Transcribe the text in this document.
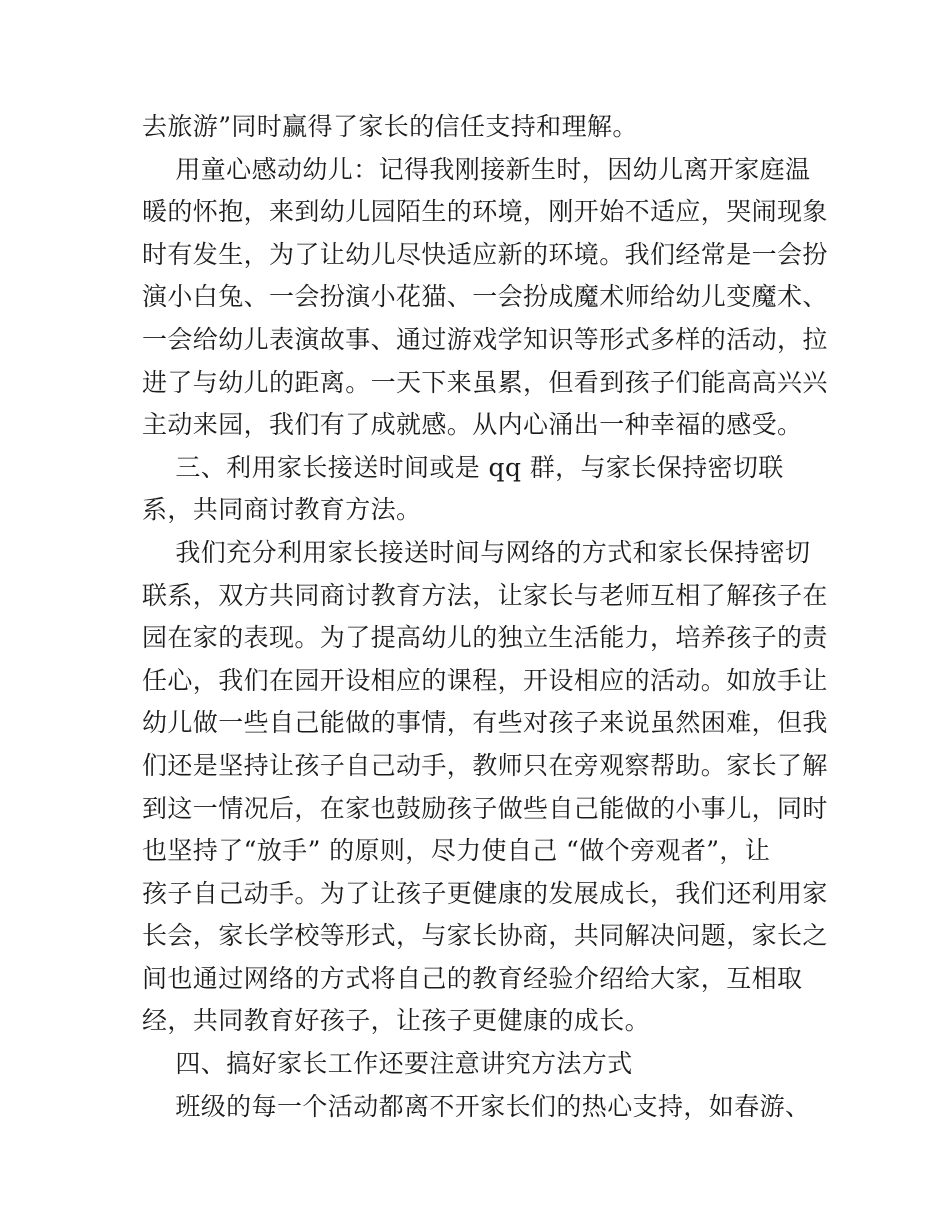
去旅游”同时赢得了家长的信任支持和理解。
用童心感动幼儿：记得我刚接新生时，因幼儿离开家庭温
暖的怀抱，来到幼儿园陌生的环境，刚开始不适应，哭闹现象
时有发生，为了让幼儿尽快适应新的环境。我们经常是一会扮
演小白兔、一会扮演小花猫、一会扮成魔术师给幼儿变魔术、
一会给幼儿表演故事、通过游戏学知识等形式多样的活动，拉
进了与幼儿的距离。一天下来虽累，但看到孩子们能高高兴兴
主动来园，我们有了成就感。从内心涌出一种幸福的感受。
三、利用家长接送时间或是 qq 群，与家长保持密切联
系，共同商讨教育方法。
我们充分利用家长接送时间与网络的方式和家长保持密切
联系，双方共同商讨教育方法，让家长与老师互相了解孩子在
园在家的表现。为了提高幼儿的独立生活能力，培养孩子的责
任心，我们在园开设相应的课程，开设相应的活动。如放手让
幼儿做一些自己能做的事情，有些对孩子来说虽然困难，但我
们还是坚持让孩子自己动手，教师只在旁观察帮助。家长了解
到这一情况后，在家也鼓励孩子做些自己能做的小事儿，同时
也坚持了“放手” 的原则，尽力使自己 “做个旁观者”，让
孩子自己动手。为了让孩子更健康的发展成长，我们还利用家
长会，家长学校等形式，与家长协商，共同解决问题，家长之
间也通过网络的方式将自己的教育经验介绍给大家，互相取
经，共同教育好孩子，让孩子更健康的成长。
四、搞好家长工作还要注意讲究方法方式
班级的每一个活动都离不开家长们的热心支持，如春游、
